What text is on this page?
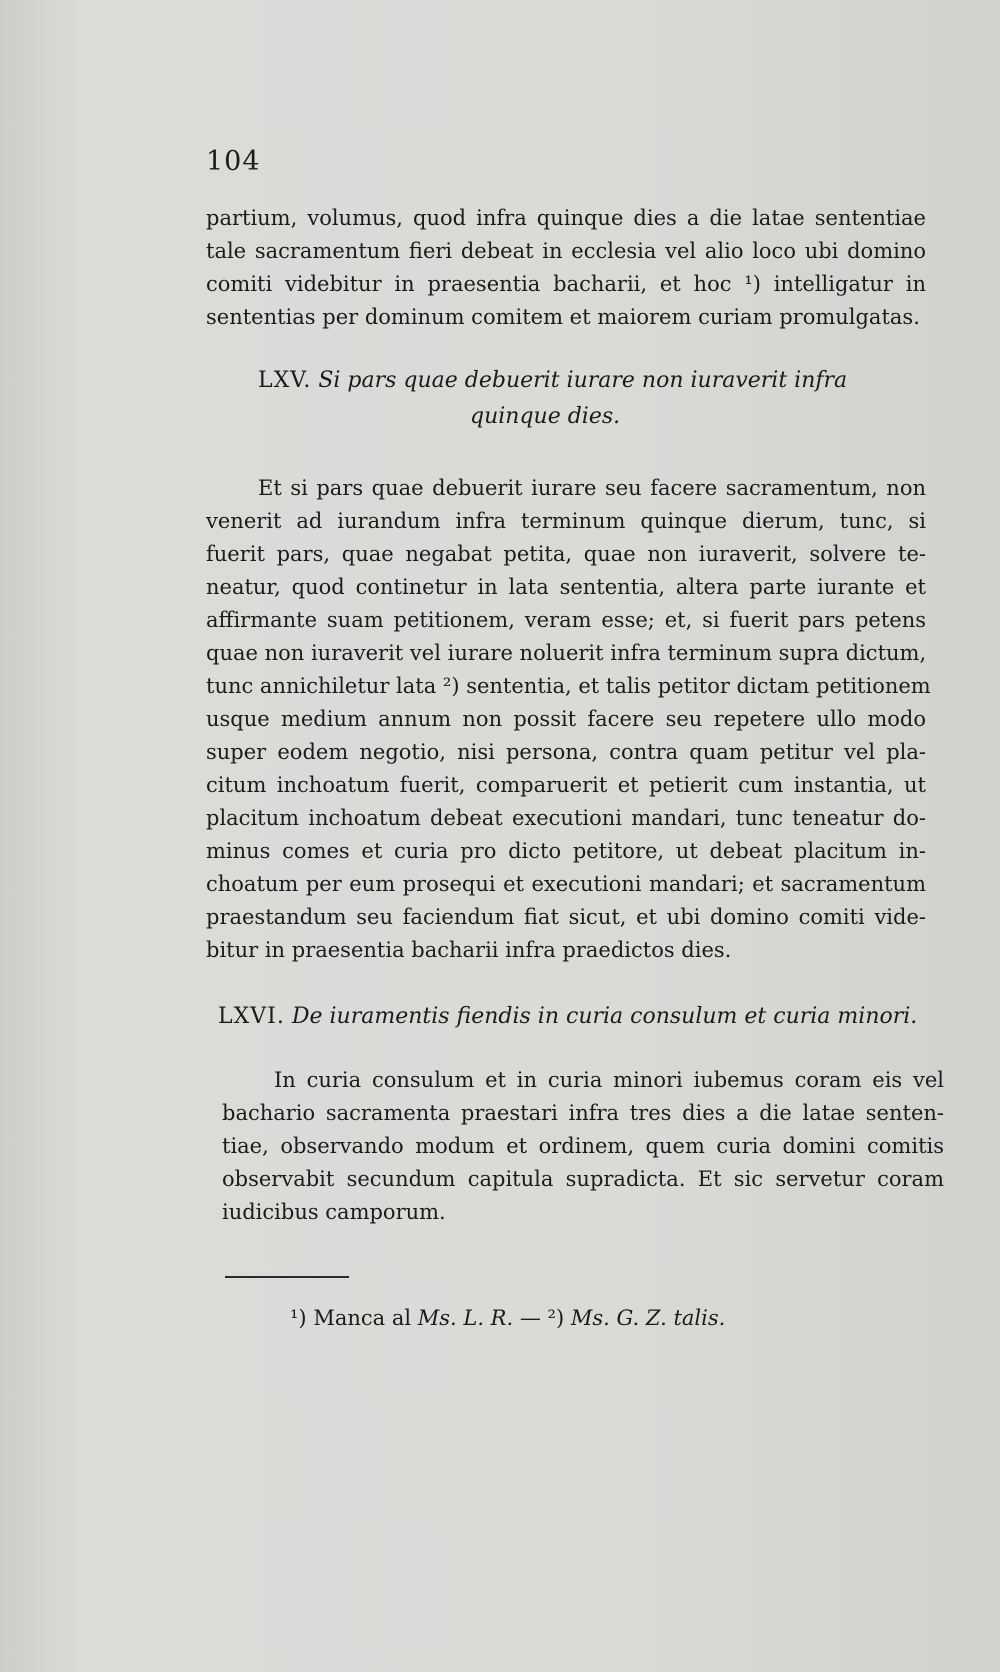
104
partium, volumus, quod infra quinque dies a die latae sententiae
tale sacramentum fieri debeat in ecclesia vel alio loco ubi domino
comiti videbitur in praesentia bacharii, et hoc ¹) intelligatur in
sententias per dominum comitem et maiorem curiam promulgatas.
LXV. Si pars quae debuerit iurare non iuraverit infra
quinque dies.
Et si pars quae debuerit iurare seu facere sacramentum, non
venerit ad iurandum infra terminum quinque dierum, tunc, si
fuerit pars, quae negabat petita, quae non iuraverit, solvere te-
neatur, quod continetur in lata sententia, altera parte iurante et
affirmante suam petitionem, veram esse; et, si fuerit pars petens
quae non iuraverit vel iurare noluerit infra terminum supra dictum,
tunc annichiletur lata ²) sententia, et talis petitor dictam petitionem
usque medium annum non possit facere seu repetere ullo modo
super eodem negotio, nisi persona, contra quam petitur vel pla-
citum inchoatum fuerit, comparuerit et petierit cum instantia, ut
placitum inchoatum debeat executioni mandari, tunc teneatur do-
minus comes et curia pro dicto petitore, ut debeat placitum in-
choatum per eum prosequi et executioni mandari; et sacramentum
praestandum seu faciendum fiat sicut, et ubi domino comiti vide-
bitur in praesentia bacharii infra praedictos dies.
LXVI. De iuramentis fiendis in curia consulum et curia minori.
In curia consulum et in curia minori iubemus coram eis vel
bachario sacramenta praestari infra tres dies a die latae senten-
tiae, observando modum et ordinem, quem curia domini comitis
observabit secundum capitula supradicta. Et sic servetur coram
iudicibus camporum.
¹) Manca al Ms. L. R. — ²) Ms. G. Z. talis.
